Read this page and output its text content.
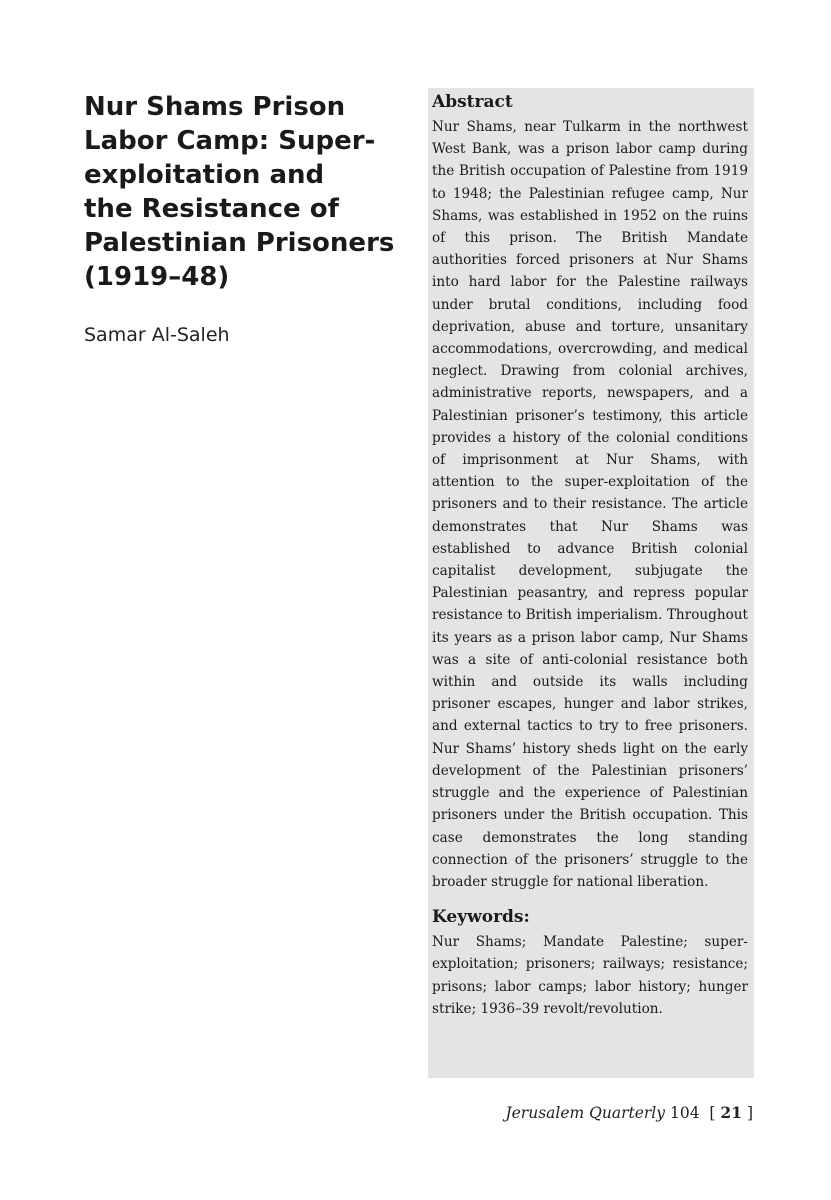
Nur Shams Prison
Labor Camp: Super-
exploitation and
the Resistance of
Palestinian Prisoners
(1919–48)
Samar Al-Saleh
Abstract

Nur Shams, near Tulkarm in the northwest West Bank, was a prison labor camp during the British occupation of Palestine from 1919 to 1948; the Palestinian refugee camp, Nur Shams, was established in 1952 on the ruins of this prison. The British Mandate authorities forced prisoners at Nur Shams into hard labor for the Palestine railways under brutal conditions, including food deprivation, abuse and torture, unsanitary accommodations, overcrowding, and medical neglect. Drawing from colonial archives, administrative reports, newspapers, and a Palestinian prisoner’s testimony, this article provides a history of the colonial conditions of imprisonment at Nur Shams, with attention to the super-exploitation of the prisoners and to their resistance. The article demonstrates that Nur Shams was established to advance British colonial capitalist development, subjugate the Palestinian peasantry, and repress popular resistance to British imperialism. Throughout its years as a prison labor camp, Nur Shams was a site of anti-colonial resistance both within and outside its walls including prisoner escapes, hunger and labor strikes, and external tactics to try to free prisoners. Nur Shams’ history sheds light on the early development of the Palestinian prisoners’ struggle and the experience of Palestinian prisoners under the British occupation. This case demonstrates the long standing connection of the prisoners’ struggle to the broader struggle for national liberation.

Keywords:

Nur Shams; Mandate Palestine; super-exploitation; prisoners; railways; resistance; prisons; labor camps; labor history; hunger strike; 1936–39 revolt/revolution.

Jerusalem Quarterly 104 [ 21 ]
